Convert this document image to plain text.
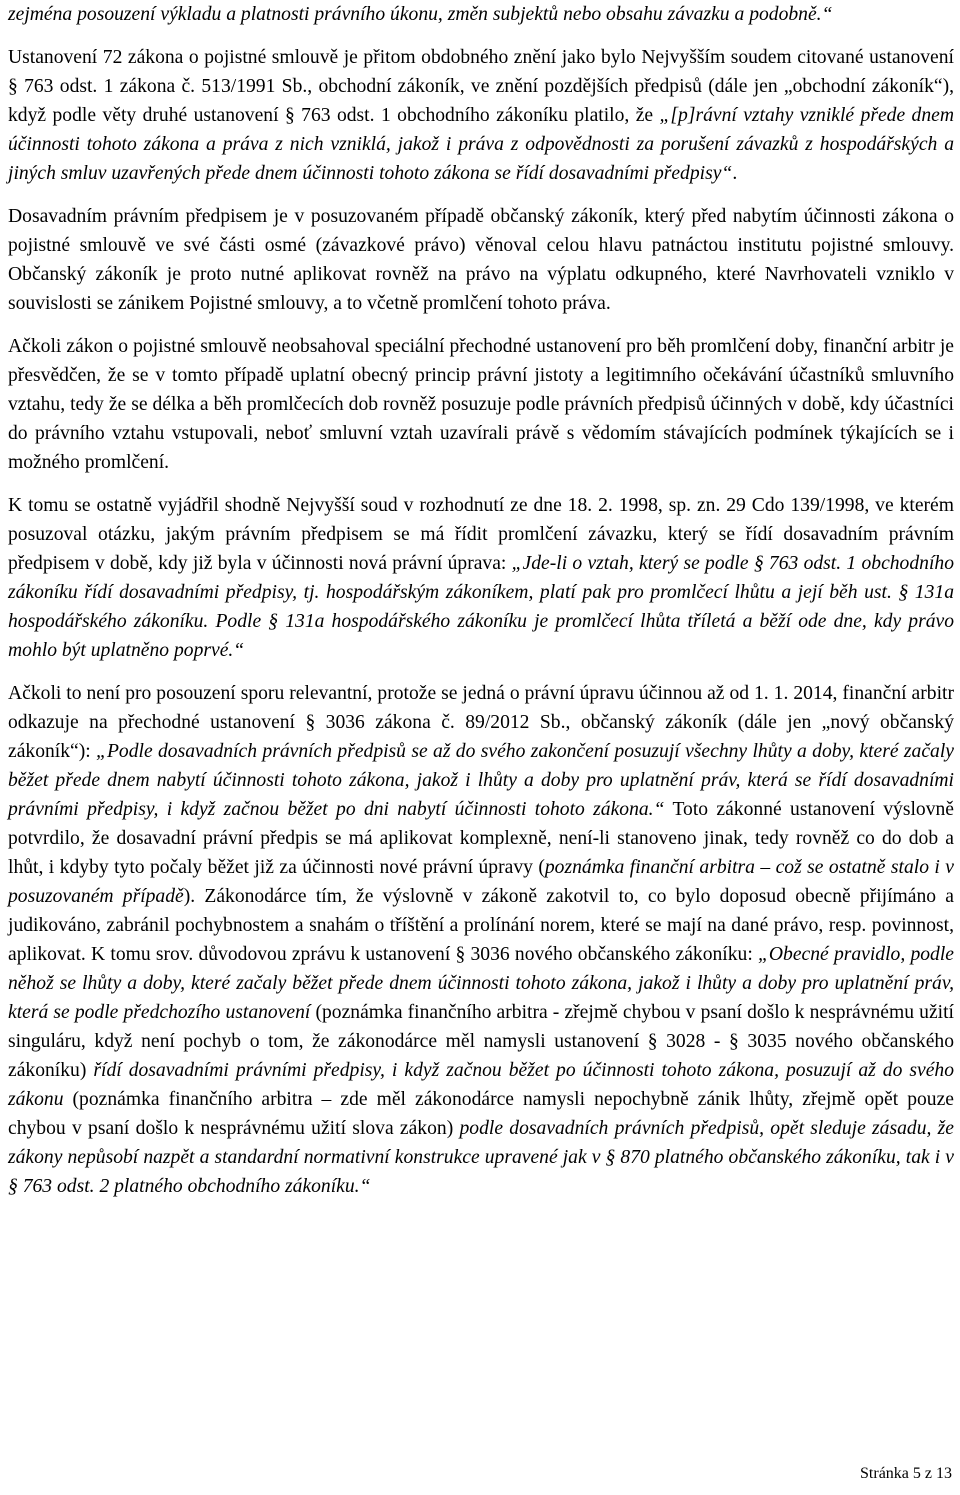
zejména posouzení výkladu a platnosti právního úkonu, změn subjektů nebo obsahu závazku a podobně.“

Ustanovení 72 zákona o pojistné smlouvě je přitom obdobného znění jako bylo Nejvyšším soudem citované ustanovení § 763 odst. 1 zákona č. 513/1991 Sb., obchodní zákoník, ve znění pozdějších předpisů (dále jen „obchodní zákoník“), když podle věty druhé ustanovení § 763 odst. 1 obchodního zákoníku platilo, že „[p]rávní vztahy vzniklé přede dnem účinnosti tohoto zákona a práva z nich vzniklá, jakož i práva z odpovědnosti za porušení závazků z hospodářských a jiných smluv uzavřených přede dnem účinnosti tohoto zákona se řídí dosavadními předpisy“.

Dosavadním právním předpisem je v posuzovaném případě občanský zákoník, který před nabytím účinnosti zákona o pojistné smlouvě ve své části osmé (závazkové právo) věnoval celou hlavu patnáctou institutu pojistné smlouvy. Občanský zákoník je proto nutné aplikovat rovněž na právo na výplatu odkupného, které Navrhovateli vzniklo v souvislosti se zánikem Pojistné smlouvy, a to včetně promlčení tohoto práva.

Ačkoli zákon o pojistné smlouvě neobsahoval speciální přechodné ustanovení pro běh promlčení doby, finanční arbitr je přesvědčen, že se v tomto případě uplatní obecný princip právní jistoty a legitimního očekávání účastníků smluvního vztahu, tedy že se délka a běh promlčecích dob rovněž posuzuje podle právních předpisů účinných v době, kdy účastníci do právního vztahu vstupovali, neboť smluvní vztah uzavírali právě s vědomím stávajících podmínek týkajících se i možného promlčení.

K tomu se ostatně vyjádřil shodně Nejvyšší soud v rozhodnutí ze dne 18. 2. 1998, sp. zn. 29 Cdo 139/1998, ve kterém posuzoval otázku, jakým právním předpisem se má řídit promlčení závazku, který se řídí dosavadním právním předpisem v době, kdy již byla v účinnosti nová právní úprava: „Jde-li o vztah, který se podle § 763 odst. 1 obchodního zákoníku řídí dosavadními předpisy, tj. hospodářským zákoníkem, platí pak pro promlčecí lhůtu a její běh ust. § 131a hospodářského zákoníku. Podle § 131a hospodářského zákoníku je promlčecí lhůta tříletá a běží ode dne, kdy právo mohlo být uplatněno poprvé.“

Ačkoli to není pro posouzení sporu relevantní, protože se jedná o právní úpravu účinnou až od 1. 1. 2014, finanční arbitr odkazuje na přechodné ustanovení § 3036 zákona č. 89/2012 Sb., občanský zákoník (dále jen „nový občanský zákoník“): „Podle dosavadních právních předpisů se až do svého zakončení posuzují všechny lhůty a doby, které začaly běžet přede dnem nabytí účinnosti tohoto zákona, jakož i lhůty a doby pro uplatnění práv, která se řídí dosavadními právními předpisy, i když začnou běžet po dni nabytí účinnosti tohoto zákona.“ Toto zákonné ustanovení výslovně potvrdilo, že dosavadní právní předpis se má aplikovat komplexně, není-li stanoveno jinak, tedy rovněž co do dob a lhůt, i kdyby tyto počaly běžet již za účinnosti nové právní úpravy (poznámka finanční arbitra – což se ostatně stalo i v posuzovaném případě). Zákonodárce tím, že výslovně v zákoně zakotvil to, co bylo doposud obecně přijímáno a judikováno, zabránil pochybnostem a snahám o tříštění a prolínání norem, které se mají na dané právo, resp. povinnost, aplikovat. K tomu srov. důvodovou zprávu k ustanovení § 3036 nového občanského zákoníku: „Obecné pravidlo, podle něhož se lhůty a doby, které začaly běžet přede dnem účinnosti tohoto zákona, jakož i lhůty a doby pro uplatnění práv, která se podle předchozího ustanovení (poznámka finančního arbitra - zřejmě chybou v psaní došlo k nesprávnému užití singuláru, když není pochyb o tom, že zákonodárce měl namysli ustanovení § 3028 - § 3035 nového občanského zákoníku) řídí dosavadními právními předpisy, i když začnou běžet po účinnosti tohoto zákona, posuzují až do svého zákonu (poznámka finančního arbitra – zde měl zákonodárce namysli nepochybně zánik lhůty, zřejmě opět pouze chybou v psaní došlo k nesprávnému užití slova zákon) podle dosavadních právních předpisů, opět sleduje zásadu, že zákony nepůsobí nazpět a standardní normativní konstrukce upravené jak v § 870 platného občanského zákoníku, tak i v § 763 odst. 2 platného obchodního zákoníku.“

Stránka 5 z 13
